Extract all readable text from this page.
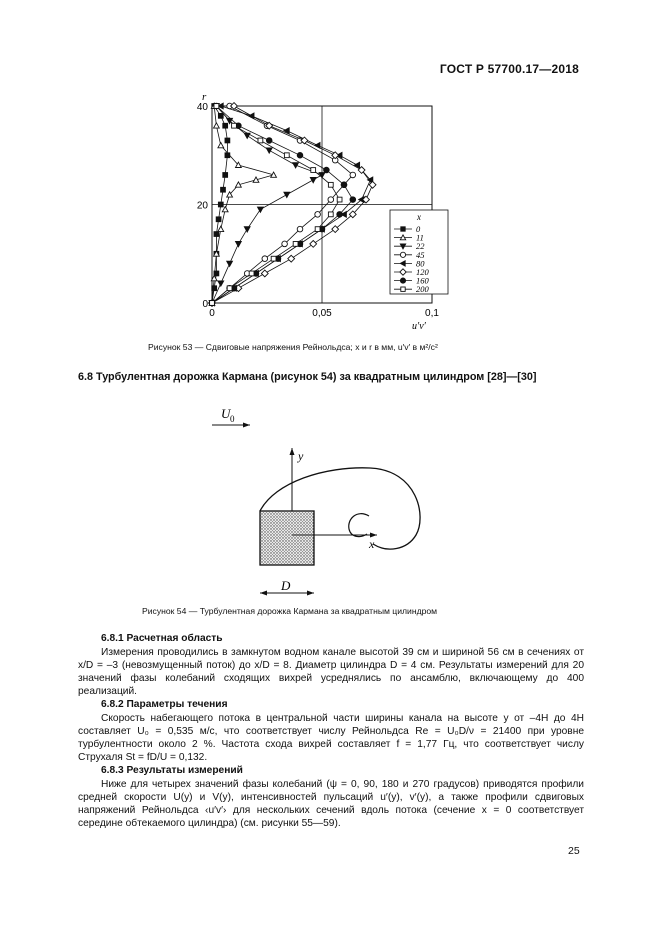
ГОСТ Р 57700.17—2018
0	0,05	0,1
0
20
40
r
u′v′
x
0
11
22
45
80
120
160
200
Рисунок 53 — Сдвиговые напряжения Рейнольдса; x и r в мм, u′v′ в м²/с²
6.8 Турбулентная дорожка Кармана (рисунок 54) за квадратным цилиндром [28]—[30]
U 0
y
x
D
Рисунок 54 — Турбулентная дорожка Кармана за квадратным цилиндром
6.8.1 Расчетная область
Измерения проводились в замкнутом водном канале высотой 39 см и шириной 56 см в сечениях от x/D = –3 (невозмущенный поток) до x/D = 8. Диаметр цилиндра D = 4 см. Результаты измерений для 20 значений фазы колебаний сходящих вихрей усреднялись по ансамблю, включающему до 400 реализаций.
6.8.2 Параметры течения
Скорость набегающего потока в центральной части ширины канала на высоте y от –4H до 4H составляет U₀ = 0,535 м/с, что соответствует числу Рейнольдса Re = U₀D/ν = 21400 при уровне турбулентности около 2 %. Частота схода вихрей составляет f = 1,77 Гц, что соответствует числу Струхаля St = fD/U = 0,132.
6.8.3 Результаты измерений
Ниже для четырех значений фазы колебаний (ψ = 0, 90, 180 и 270 градусов) приводятся профили средней скорости U(y) и V(y), интенсивностей пульсаций u′(y), v′(y), а также профили сдвиговых напряжений Рейнольдса ‹u′v′› для нескольких сечений вдоль потока (сечение x = 0 соответствует середине обтекаемого цилиндра) (см. рисунки 55—59).
25
